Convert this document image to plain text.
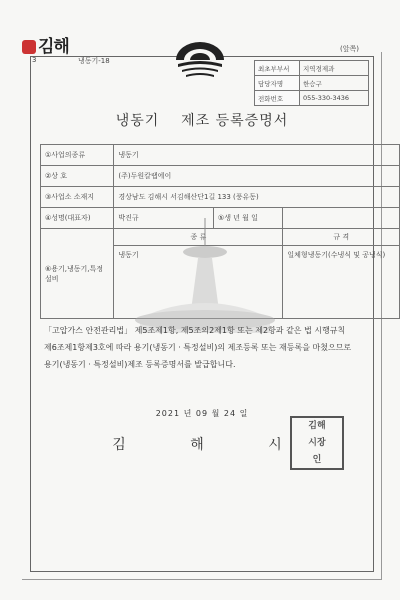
김해
3	냉동기-18
(앞쪽)
최초부부서	지역경제과
담당자명	한승구
전화번호	055-330-3436
냉동기    제조 등록증명서
①사업의종류	냉동기		
②상 호	(주)두원칼랩에이		
③사업소 소재지	경상남도 김해시 서김해산단1길 133 (풍유동)		
④성명(대표자)	박진규	⑤생 년 월 일	
⑥용기,냉동기,특정설비	종 류		규 격
	냉동기		일체형냉동기(수냉식 및 공냉식)
「고압가스 안전관리법」 제5조제1항, 제5조의2제1항 또는 제2항과 같은 법 시행규칙 제6조제1항제3호에 따라 용기(냉동기 · 특정설비)의 제조등록 또는 재등록을 마쳤으므로 용기(냉동기 · 특정설비)제조 등록증명서를 발급합니다.
2021 년 09 월 24 일
김 해 시
김해
시장
인
